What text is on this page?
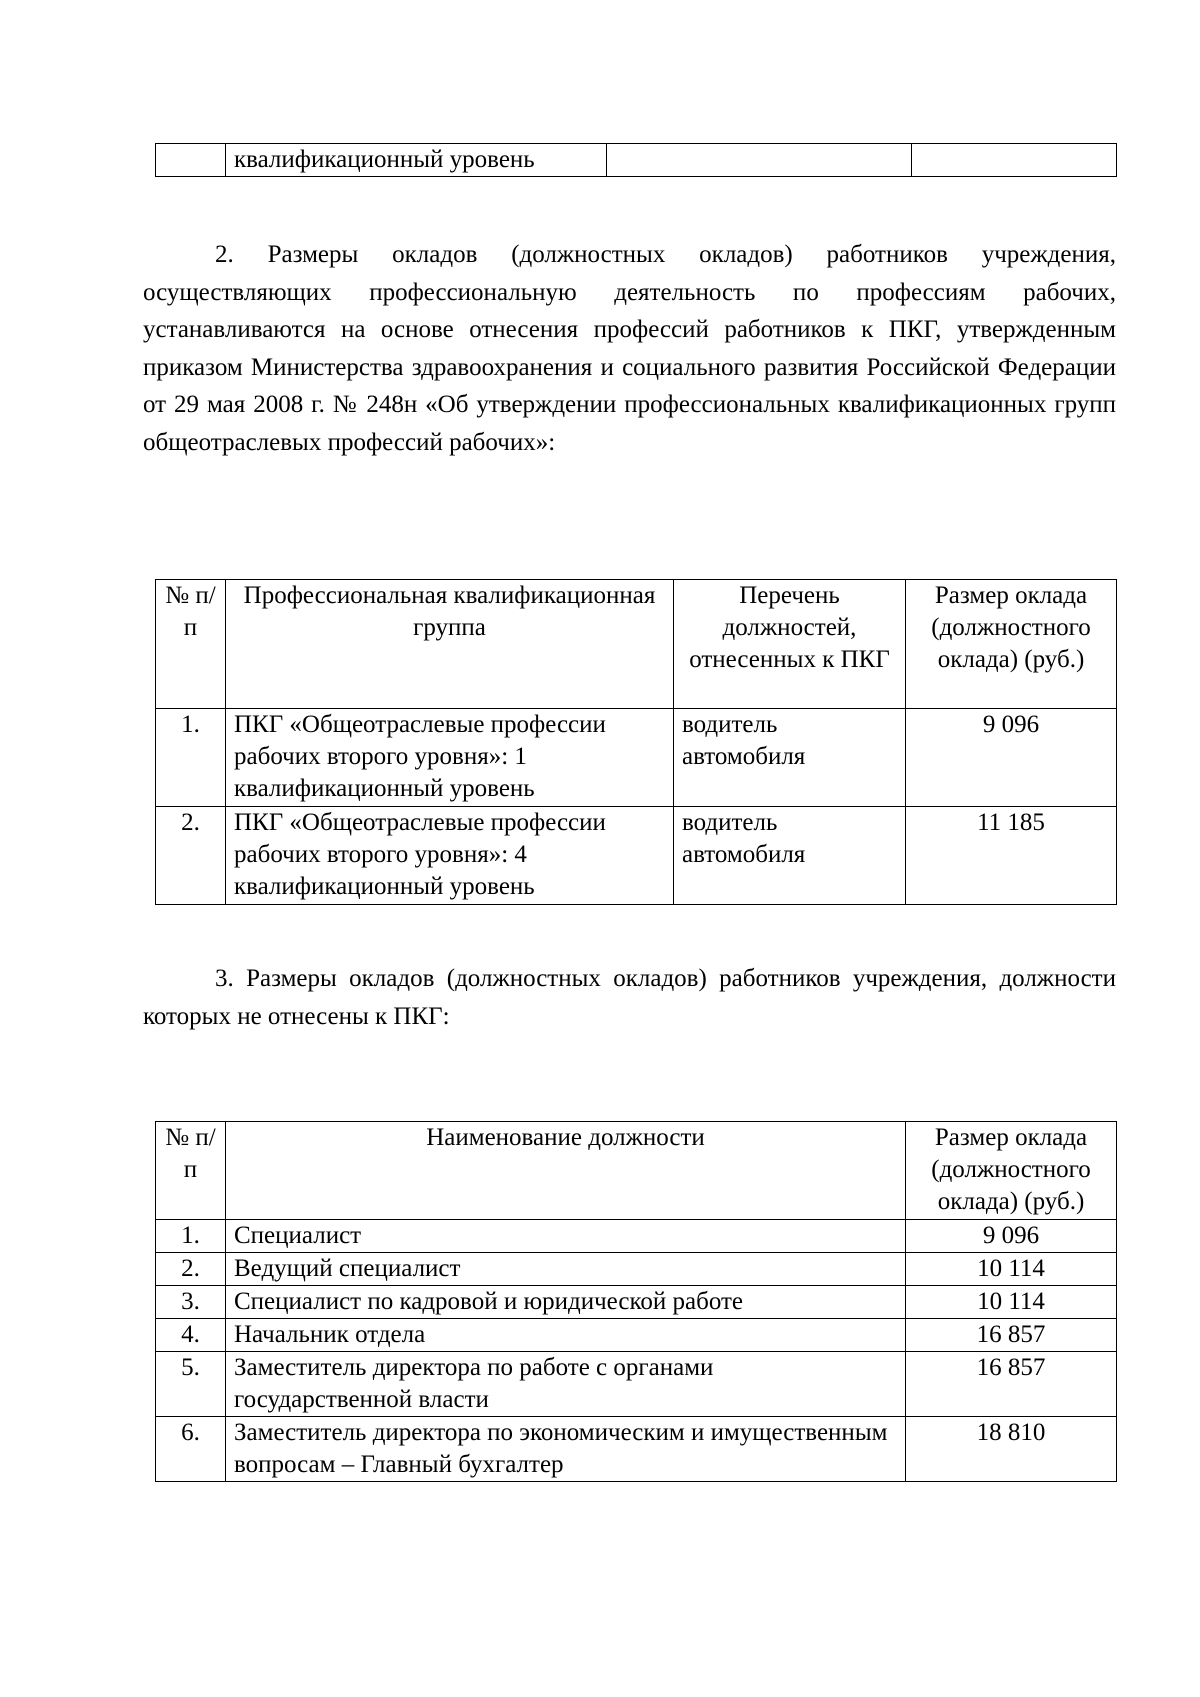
	квалификационный уровень		

2. Размеры окладов (должностных окладов) работников учреждения, осуществляющих профессиональную деятельность по профессиям рабочих, устанавливаются на основе отнесения профессий работников к ПКГ, утвержденным приказом Министерства здравоохранения и социального развития Российской Федерации от 29 мая 2008 г. № 248н «Об утверждении профессиональных квалификационных групп общеотраслевых профессий рабочих»:

№ п/п	Профессиональная квалификационная группа	Перечень должностей, отнесенных к ПКГ	Размер оклада (должностного оклада) (руб.)
1.	ПКГ «Общеотраслевые профессии рабочих второго уровня»: 1 квалификационный уровень	водитель автомобиля	9 096
2.	ПКГ «Общеотраслевые профессии рабочих второго уровня»: 4 квалификационный уровень	водитель автомобиля	11 185

3. Размеры окладов (должностных окладов) работников учреждения, должности которых не отнесены к ПКГ:

№ п/п	Наименование должности	Размер оклада (должностного оклада) (руб.)
1.	Специалист	9 096
2.	Ведущий специалист	10 114
3.	Специалист по кадровой и юридической работе	10 114
4.	Начальник отдела	16 857
5.	Заместитель директора по работе с органами государственной власти	16 857
6.	Заместитель директора по экономическим и имущественным вопросам – Главный бухгалтер	18 810
